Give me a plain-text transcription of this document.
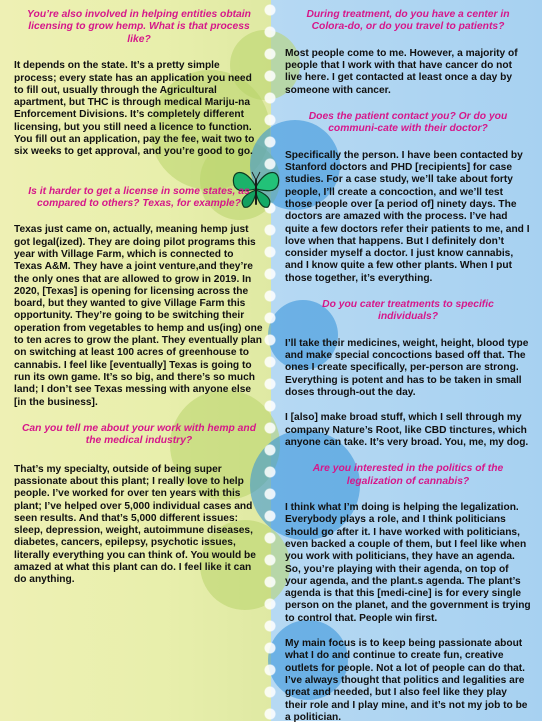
You’re also involved in helping entities obtain licensing to grow hemp. What is that process like?

It depends on the state. It’s a pretty simple process; every state has an application you need to fill out, usually through the Agricultural apartment, but THC is through medical Mariju-na Enforcement Divisions. It’s completely different licensing, but you still need a licence to function. You fill out an application, pay the fee, wait two to six weeks to get approval, and you’re good to go.

Is it harder to get a license in some states, as compared to others? Texas, for example?

Texas just came on, actually, meaning hemp just got legal(ized). They are doing pilot programs this year with Village Farm, which is connected to Texas A&M. They have a joint venture,and they’re the only ones that are allowed to grow in 2019. In 2020, [Texas] is opening for licensing across the board, but they wanted to give Village Farm this opportunity. They’re going to be switching their operation from vegetables to hemp and us(ing) one to ten acres to grow the plant. They eventually plan on switching at least 100 acres of greenhouse to cannabis. I feel like [eventually] Texas is going to run its own game. It’s so big, and there’s so much land; I don’t see Texas messing with anyone else [in the business].

Can you tell me about your work with hemp and the medical industry?

That’s my specialty, outside of being super passionate about this plant; I really love to help people. I’ve worked for over ten years with this plant; I’ve helped over 5,000 individual cases and seen results. And that’s 5,000 different issues: sleep, depression, weight, autoimmune diseases, diabetes, cancers, epilepsy, psychotic issues, literally everything you can think of. You would be amazed at what this plant can do. I feel like it can do anything.

During treatment, do you have a center in Colora-do, or do you travel to patients?

Most people come to me. However, a majority of people that I work with that have cancer do not live here. I get contacted at least once a day by someone with cancer.

Does the patient contact you? Or do you communi-cate with their doctor?

Specifically the person. I have been contacted by Stanford doctors and PHD [recipients] for case studies. For a case study, we’ll take about forty people, I’ll create a concoction, and we’ll test those people over [a period of] ninety days. The doctors are amazed with the process. I’ve had quite a few doctors refer their patients to me, and I love when that happens. But I definitely don’t consider myself a doctor. I just know cannabis, and I know quite a few other plants. When I put those together, it’s everything.

Do you cater treatments to specific individuals?

I’ll take their medicines, weight, height, blood type and make special concoctions based off that. The ones I create specifically, per-person are strong. Everything is potent and has to be taken in small doses through-out the day.

I [also] make broad stuff, which I sell through my company Nature’s Root, like CBD tinctures, which anyone can take. It’s very broad. You, me, my dog.

Are you interested in the politics of the legalization of cannabis?

I think what I’m doing is helping the legalization. Everybody plays a role, and I think politicians should go after it. I have worked with politicians, even backed a couple of them, but I feel like when you work with politicians, they have an agenda. So, you’re playing with their agenda, on top of your agenda, and the plant.s agenda. The plant’s agenda is that this [medi-cine] is for every single person on the planet, and the government is trying to control that. People win first.

My main focus is to keep being passionate about what I do and continue to create fun, creative outlets for people. Not a lot of people can do that. I’ve always thought that politics and legalities are great and needed, but I also feel like they play their role and I play mine, and it’s not my job to be a politician.
